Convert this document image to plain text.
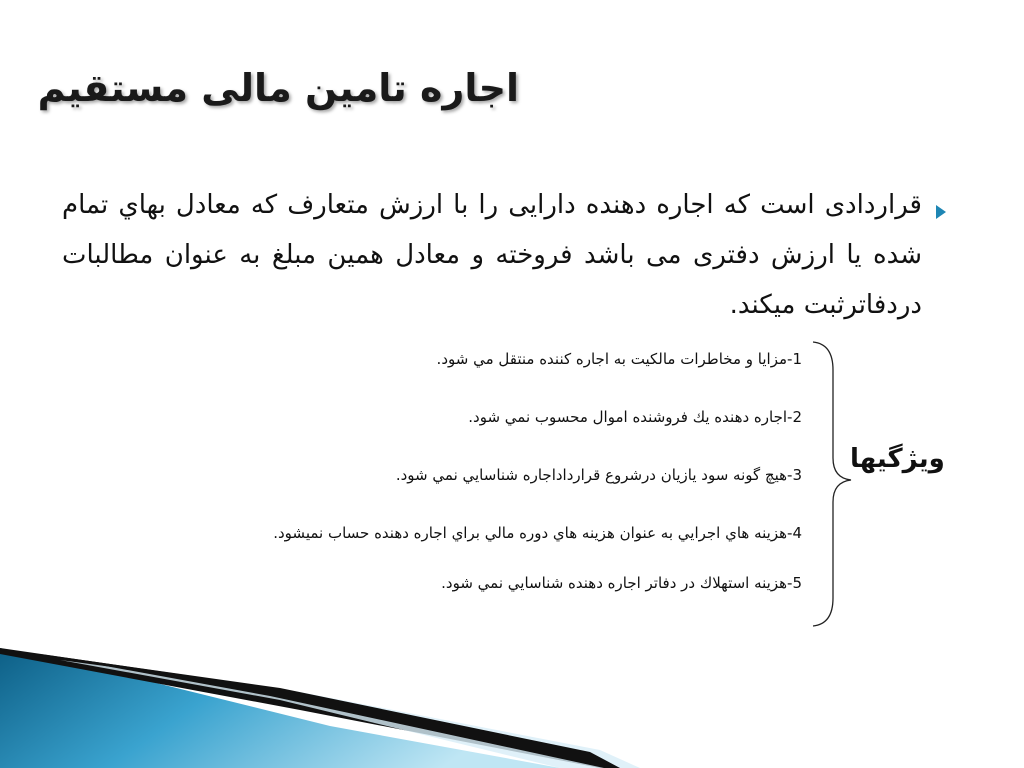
اجاره تامین مالی مستقیم
قراردادی است که اجاره دهنده دارایی را با ارزش متعارف که معادل بهاي تمام شده یا ارزش دفتری می باشد فروخته و معادل همین مبلغ به عنوان مطالبات دردفاترثبت میکند.
1-مزايا و مخاطرات مالكيت به اجاره كننده منتقل مي شود.
2-اجاره دهنده يك فروشنده اموال محسوب نمي شود.
3-هيچ گونه سود يازيان درشروع قرارداداجاره شناسايي نمي شود.
4-هزينه هاي اجرايي به عنوان هزينه هاي دوره مالي براي اجاره دهنده حساب نميشود.
5-هزينه استهلاك در دفاتر اجاره دهنده شناسايي نمي شود.
ویژگیها
